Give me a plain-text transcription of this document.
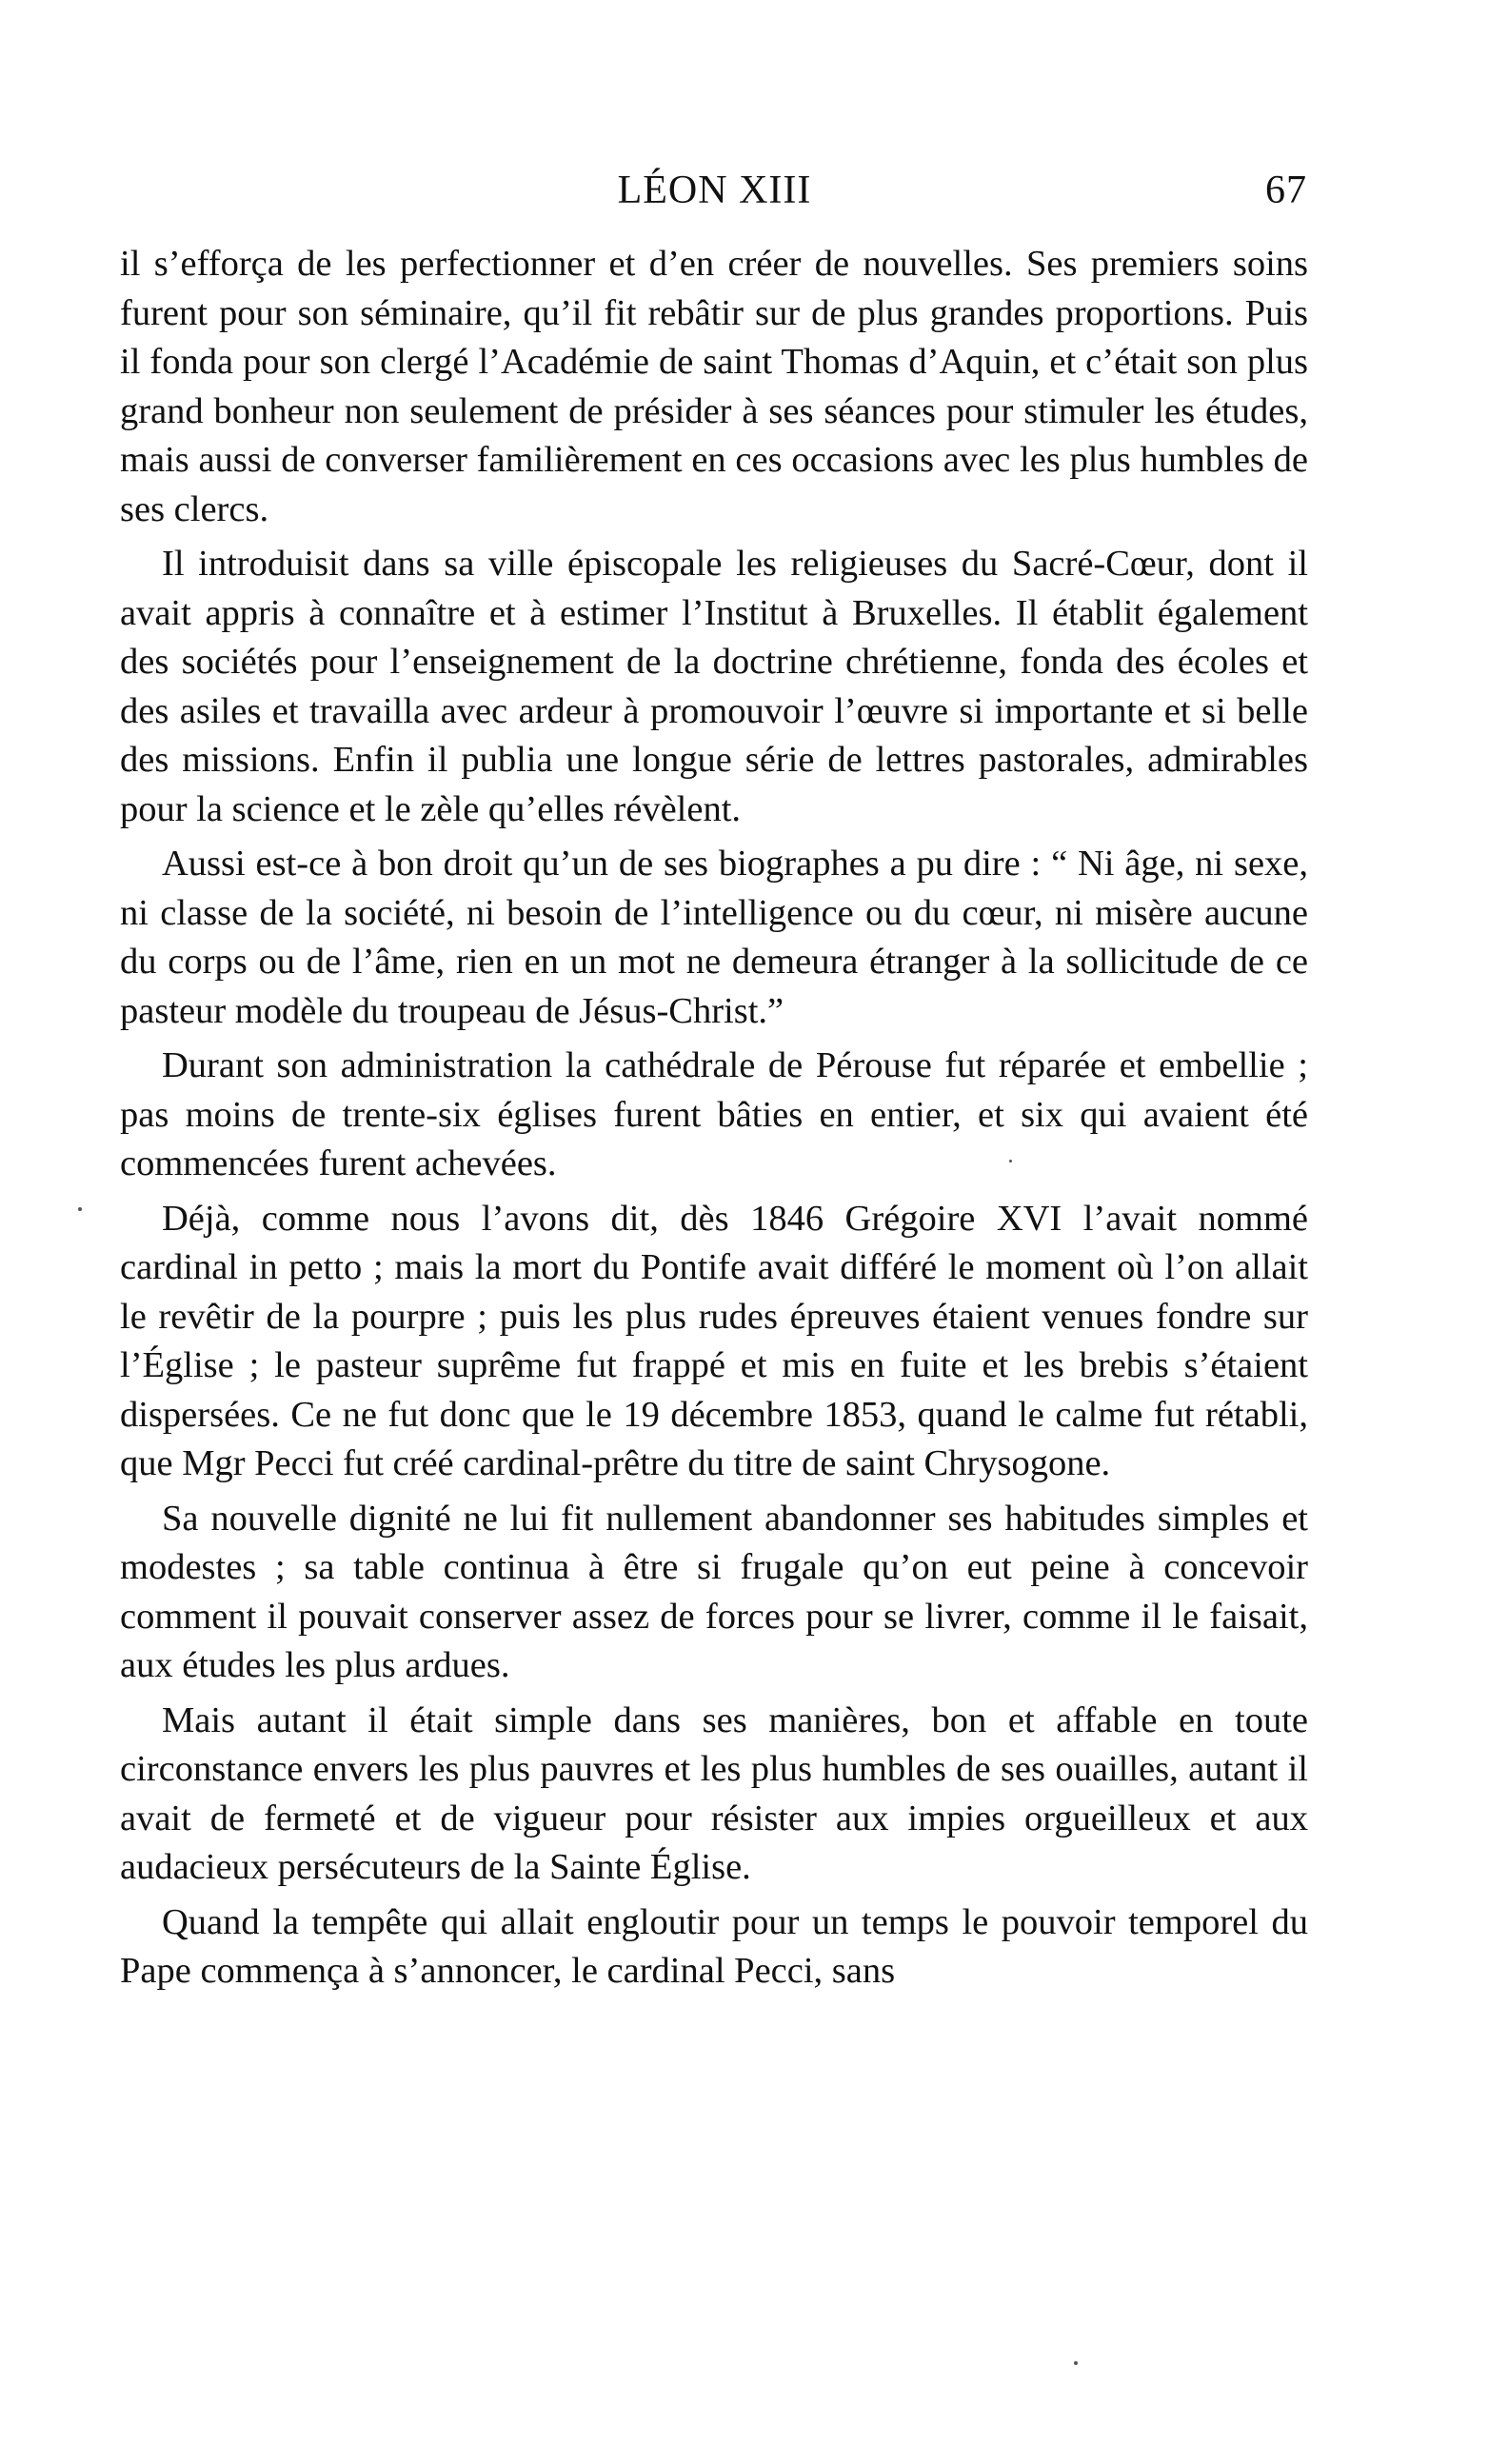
LÉON XIII	67

il s’efforça de les perfectionner et d’en créer de nouvelles. Ses premiers soins furent pour son séminaire, qu’il fit rebâtir sur de plus grandes proportions. Puis il fonda pour son clergé l’Académie de saint Thomas d’Aquin, et c’était son plus grand bonheur non seulement de présider à ses séances pour stimuler les études, mais aussi de converser familièrement en ces occasions avec les plus humbles de ses clercs.

Il introduisit dans sa ville épiscopale les religieuses du Sacré-Cœur, dont il avait appris à connaître et à estimer l’Institut à Bruxelles. Il établit également des sociétés pour l’enseignement de la doctrine chrétienne, fonda des écoles et des asiles et travailla avec ardeur à promouvoir l’œuvre si importante et si belle des missions. Enfin il publia une longue série de lettres pastorales, admirables pour la science et le zèle qu’elles révèlent.

Aussi est-ce à bon droit qu’un de ses biographes a pu dire : “ Ni âge, ni sexe, ni classe de la société, ni besoin de l’intelligence ou du cœur, ni misère aucune du corps ou de l’âme, rien en un mot ne demeura étranger à la sollicitude de ce pasteur modèle du troupeau de Jésus-Christ.”

Durant son administration la cathédrale de Pérouse fut réparée et embellie ; pas moins de trente-six églises furent bâties en entier, et six qui avaient été commencées furent achevées.

Déjà, comme nous l’avons dit, dès 1846 Grégoire XVI l’avait nommé cardinal in petto ; mais la mort du Pontife avait différé le moment où l’on allait le revêtir de la pourpre ; puis les plus rudes épreuves étaient venues fondre sur l’Église ; le pasteur suprême fut frappé et mis en fuite et les brebis s’étaient dispersées. Ce ne fut donc que le 19 décembre 1853, quand le calme fut rétabli, que Mgr Pecci fut créé cardinal-prêtre du titre de saint Chrysogone.

Sa nouvelle dignité ne lui fit nullement abandonner ses habitudes simples et modestes ; sa table continua à être si frugale qu’on eut peine à concevoir comment il pouvait conserver assez de forces pour se livrer, comme il le faisait, aux études les plus ardues.

Mais autant il était simple dans ses manières, bon et affable en toute circonstance envers les plus pauvres et les plus humbles de ses ouailles, autant il avait de fermeté et de vigueur pour résister aux impies orgueilleux et aux audacieux persécuteurs de la Sainte Église.

Quand la tempête qui allait engloutir pour un temps le pouvoir temporel du Pape commença à s’annoncer, le cardinal Pecci, sans
